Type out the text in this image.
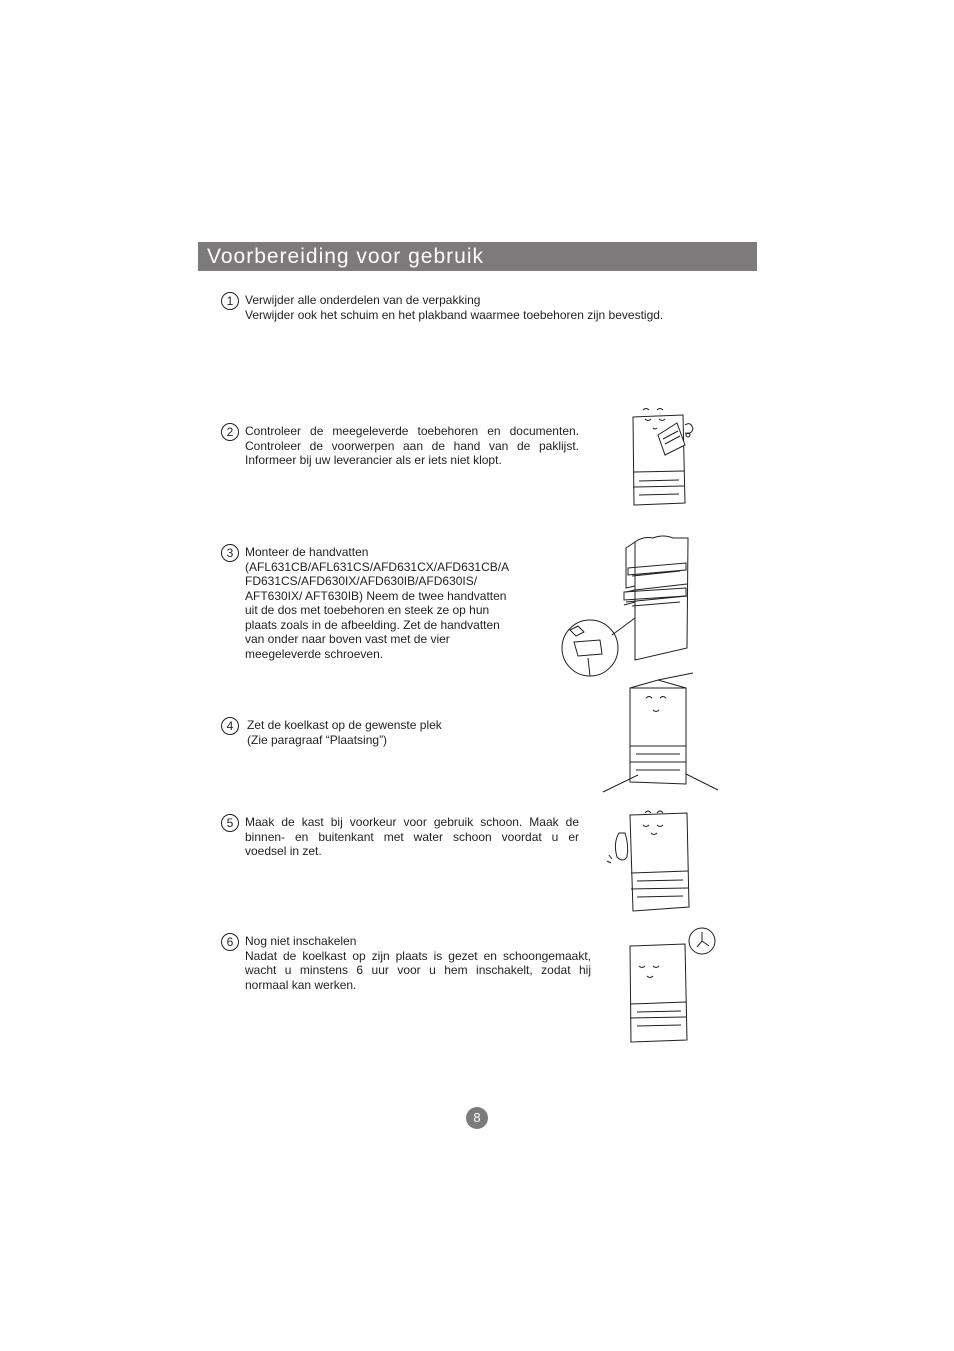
Voorbereiding voor gebruik
1 Verwijder alle onderdelen van de verpakking

Verwijder ook het schuim en het plakband waarmee toebehoren zijn bevestigd.

2 Controleer de meegeleverde toebehoren en documenten.

Controleer de voorwerpen aan de hand van de paklijst.

Informeer bij uw leverancier als er iets niet klopt.

3 Monteer de handvatten

(AFL631CB/AFL631CS/AFD631CX/AFD631CB/A

FD631CS/AFD630IX/AFD630IB/AFD630IS/

AFT630IX/ AFT630IB) Neem de twee handvatten

uit de dos met toebehoren en steek ze op hun

plaats zoals in de afbeelding. Zet de handvatten

van onder naar boven vast met de vier

meegeleverde schroeven.

4	Zet de koelkast op de gewenste plek

(Zie paragraaf “Plaatsing”)

5 Maak de kast bij voorkeur voor gebruik schoon. Maak de

binnen- en buitenkant met water schoon voordat u er

voedsel in zet.

6 Nog niet inschakelen

Nadat de koelkast op zijn plaats is gezet en schoongemaakt,

wacht u minstens 6 uur voor u hem inschakelt, zodat hij

normaal kan werken.

8
